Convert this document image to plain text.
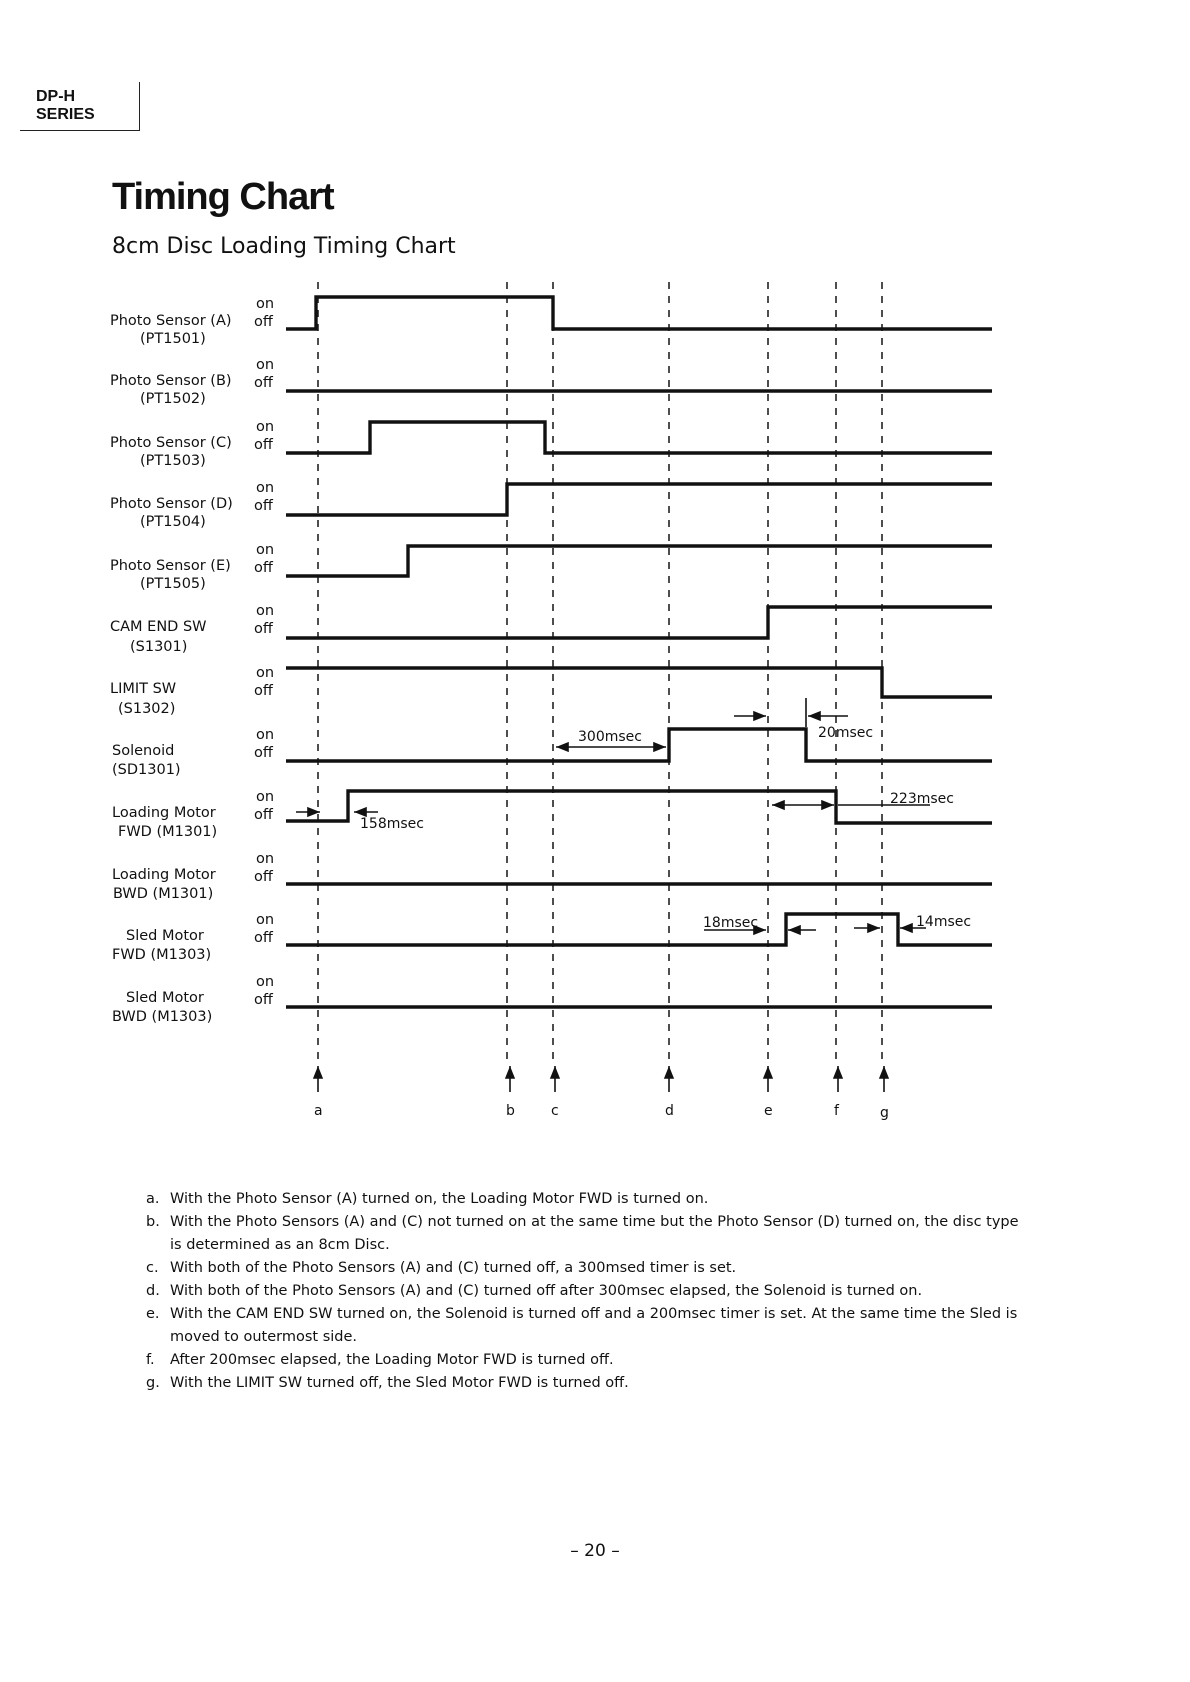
DP-H
SERIES
Timing Chart
8cm Disc Loading Timing Chart
Photo Sensor (A)
(PT1501)
Photo Sensor (B)
(PT1502)
Photo Sensor (C)
(PT1503)
Photo Sensor (D)
(PT1504)
Photo Sensor (E)
(PT1505)
CAM END SW
(S1301)
LIMIT SW
(S1302)
Solenoid
(SD1301)
Loading Motor
FWD (M1301)
Loading Motor
BWD (M1301)
Sled Motor
FWD (M1303)
Sled Motor
BWD (M1303)
on
off
on
off
on
off
on
off
on
off
on
off
on
off
on
off
on
off
on
off
on
off
on
off
300msec	20msec
223msec
158msec
18msec	14msec
a	b	c	d	e	f	g
a. With the Photo Sensor (A) turned on, the Loading Motor FWD is turned on.
b. With the Photo Sensors (A) and (C) not turned on at the same time but the Photo Sensor (D) turned on, the disc type is determined as an 8cm Disc.
c. With both of the Photo Sensors (A) and (C) turned off, a 300msed timer is set.
d. With both of the Photo Sensors (A) and (C) turned off after 300msec elapsed, the Solenoid is turned on.
e. With the CAM END SW turned on, the Solenoid is turned off and a 200msec timer is set. At the same time the Sled is moved to outermost side.
f. After 200msec elapsed, the Loading Motor FWD is turned off.
g. With the LIMIT SW turned off, the Sled Motor FWD is turned off.
– 20 –
